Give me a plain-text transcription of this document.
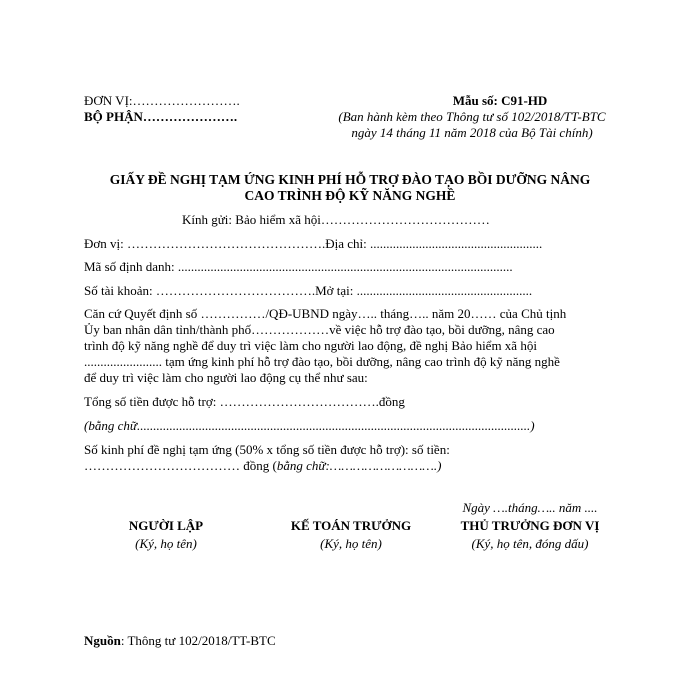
ĐƠN VỊ:…………………….
BỘ PHẬN………………….
Mẫu số: C91-HD
(Ban hành kèm theo Thông tư số 102/2018/TT-BTC
ngày 14 tháng 11 năm 2018 của Bộ Tài chính)
GIẤY ĐỀ NGHỊ TẠM ỨNG KINH PHÍ HỖ TRỢ ĐÀO TẠO BỒI DƯỠNG NÂNG
CAO TRÌNH ĐỘ KỸ NĂNG NGHỀ
Kính gửi: Bảo hiểm xã hội…………………………………
Đơn vị: ……………………………………….Địa chỉ: .....................................................
Mã số định danh: .......................................................................................................
Số tài khoản: ……………………………….Mở tại: ......................................................
Căn cứ Quyết định số ……………/QĐ-UBND ngày….. tháng….. năm 20…… của Chủ tịnh
Ủy ban nhân dân tỉnh/thành phố………………về việc hỗ trợ đào tạo, bồi dưỡng, nâng cao
trình độ kỹ năng nghề để duy trì việc làm cho người lao động, đề nghị Bảo hiểm xã hội
........................ tạm ứng kinh phí hỗ trợ đào tạo, bồi dưỡng, nâng cao trình độ kỹ năng nghề
để duy trì việc làm cho người lao động cụ thể như sau:
Tổng số tiền được hỗ trợ: ……………………………….đồng
(bằng chữ.........................................................................................................................)
Số kinh phí đề nghị tạm ứng (50% x tổng số tiền được hỗ trợ): số tiền:
……………………………… đồng (bằng chữ:……………………….)
Ngày ….tháng….. năm ....
NGƯỜI LẬP
(Ký, họ tên)
KẾ TOÁN TRƯỞNG
(Ký, họ tên)
THỦ TRƯỞNG ĐƠN VỊ
(Ký, họ tên, đóng dấu)
Nguồn: Thông tư 102/2018/TT-BTC
